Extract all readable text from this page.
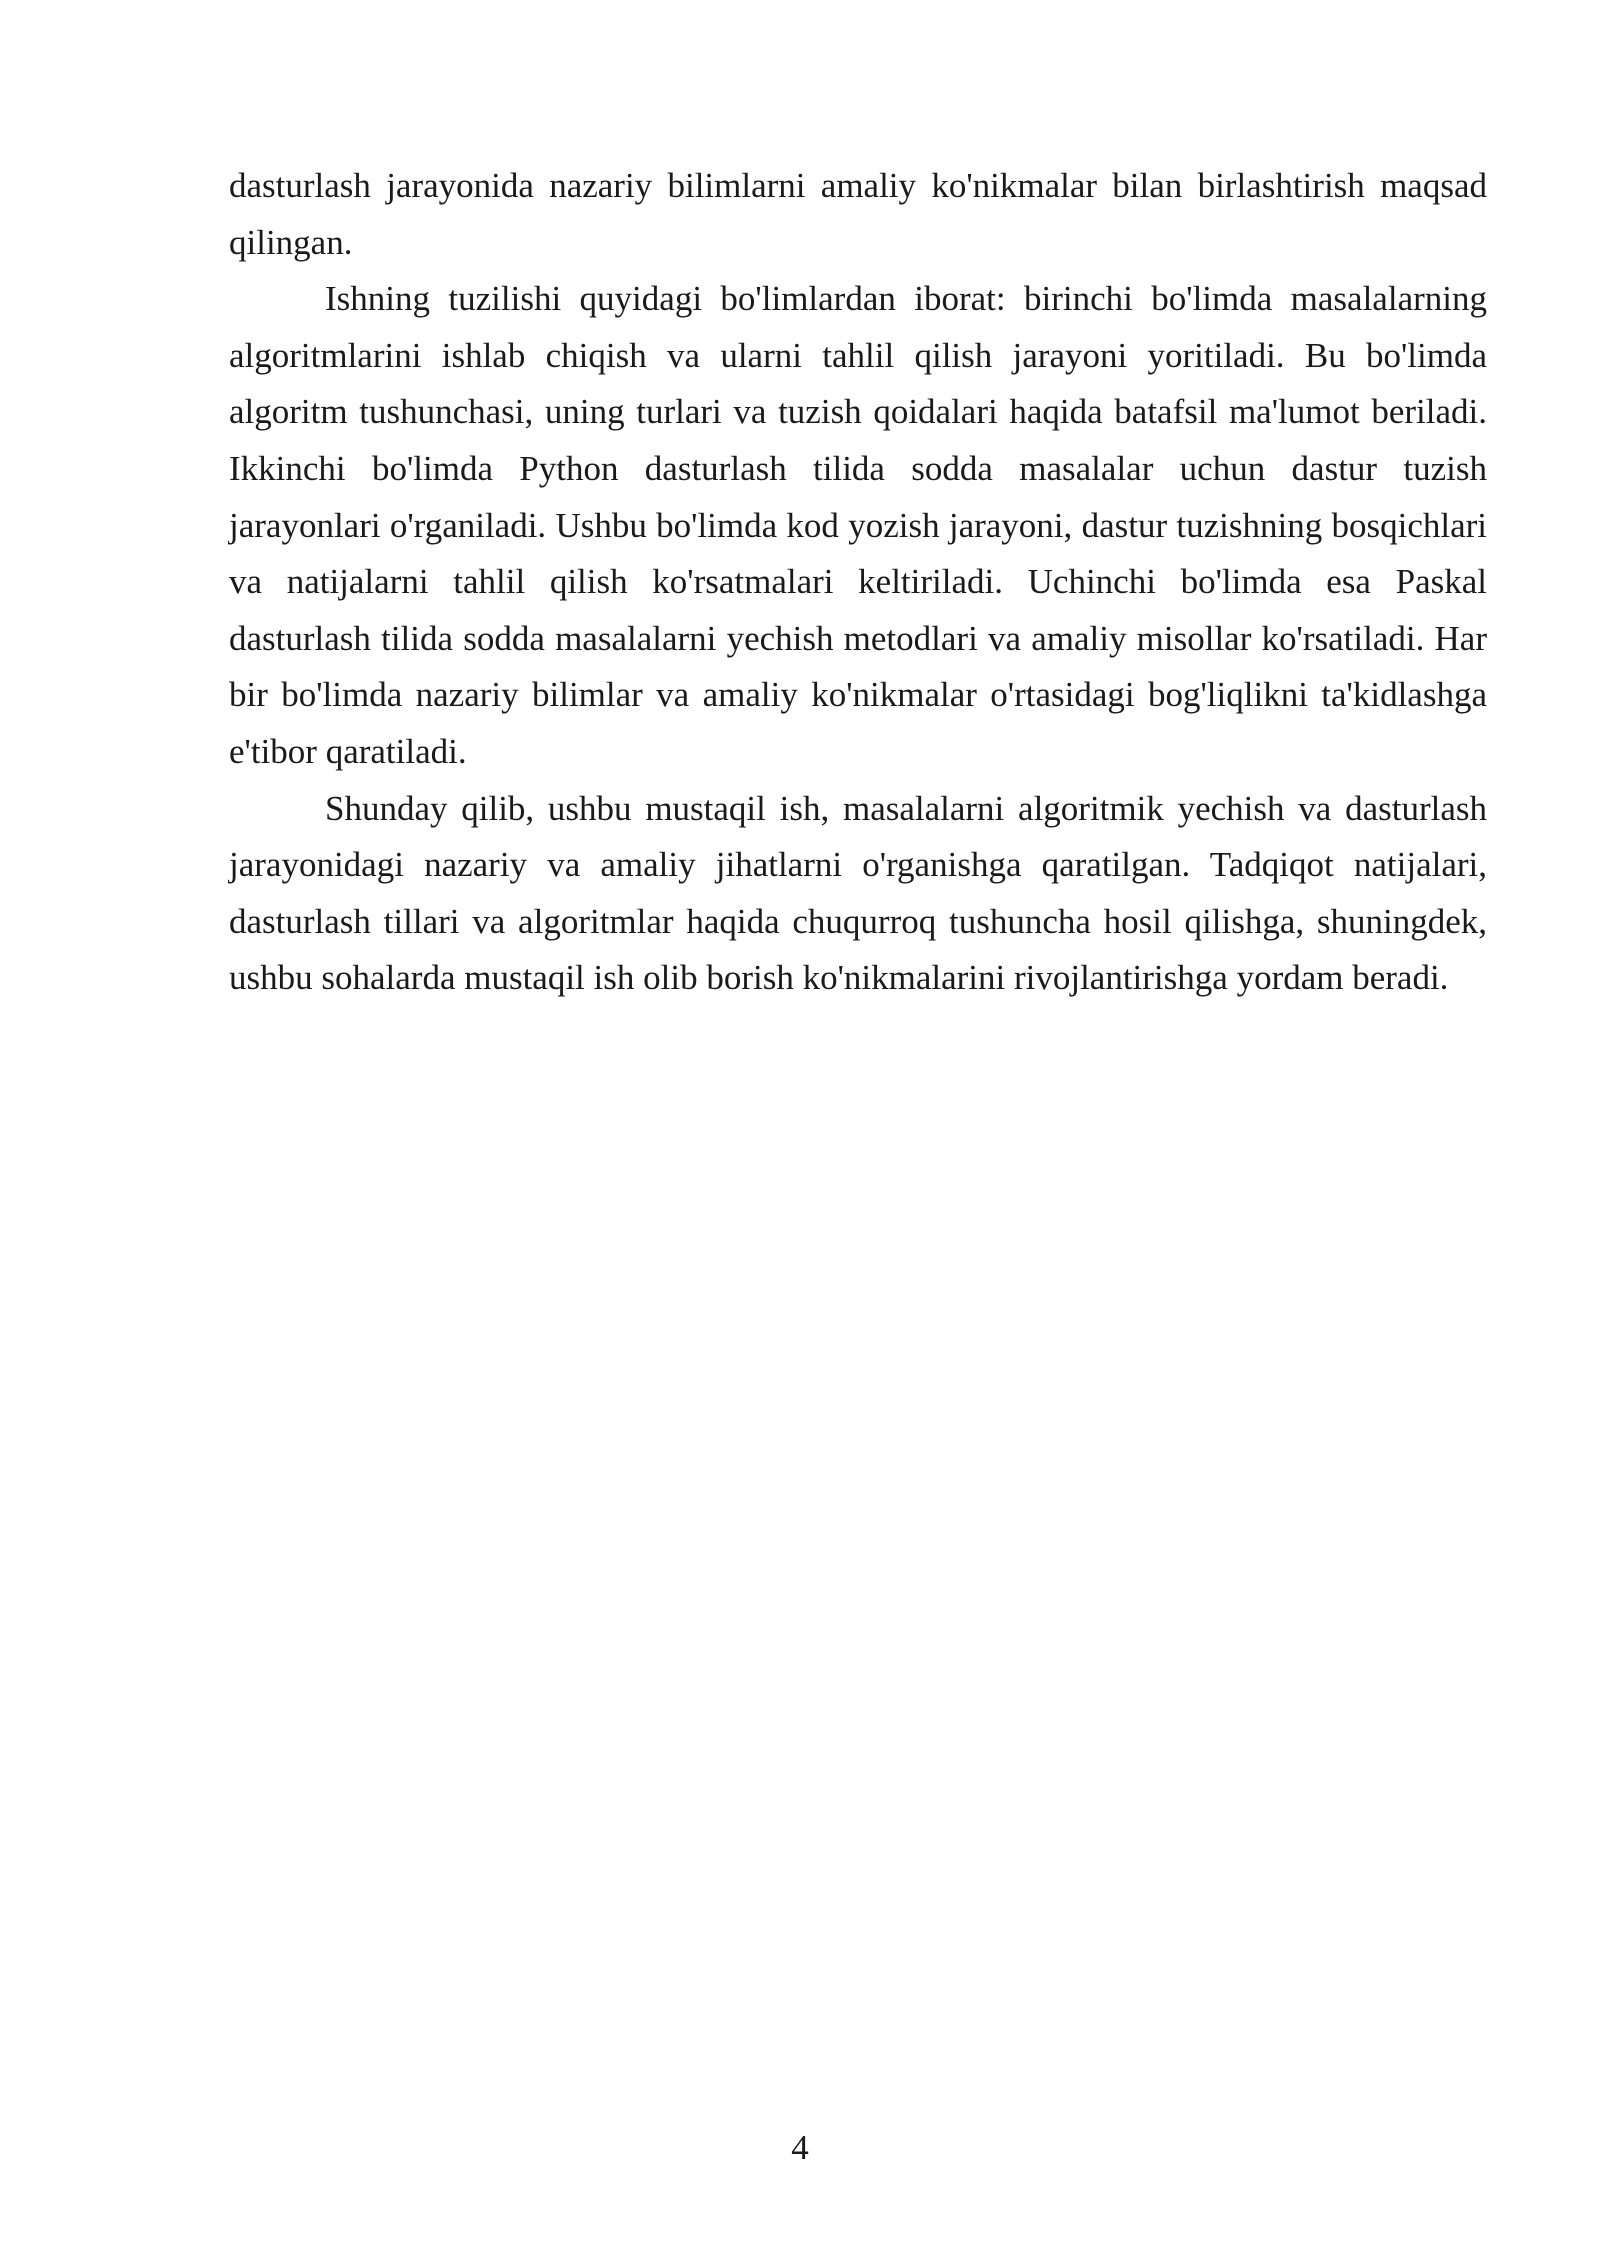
dasturlash jarayonida nazariy bilimlarni amaliy ko'nikmalar bilan birlashtirish maqsad qilingan.

Ishning tuzilishi quyidagi bo'limlardan iborat: birinchi bo'limda masalalarning algoritmlarini ishlab chiqish va ularni tahlil qilish jarayoni yoritiladi. Bu bo'limda algoritm tushunchasi, uning turlari va tuzish qoidalari haqida batafsil ma'lumot beriladi. Ikkinchi bo'limda Python dasturlash tilida sodda masalalar uchun dastur tuzish jarayonlari o'rganiladi. Ushbu bo'limda kod yozish jarayoni, dastur tuzishning bosqichlari va natijalarni tahlil qilish ko'rsatmalari keltiriladi. Uchinchi bo'limda esa Paskal dasturlash tilida sodda masalalarni yechish metodlari va amaliy misollar ko'rsatiladi. Har bir bo'limda nazariy bilimlar va amaliy ko'nikmalar o'rtasidagi bog'liqlikni ta'kidlashga e'tibor qaratiladi.

Shunday qilib, ushbu mustaqil ish, masalalarni algoritmik yechish va dasturlash jarayonidagi nazariy va amaliy jihatlarni o'rganishga qaratilgan. Tadqiqot natijalari, dasturlash tillari va algoritmlar haqida chuqurroq tushuncha hosil qilishga, shuningdek, ushbu sohalarda mustaqil ish olib borish ko'nikmalarini rivojlantirishga yordam beradi.

4
